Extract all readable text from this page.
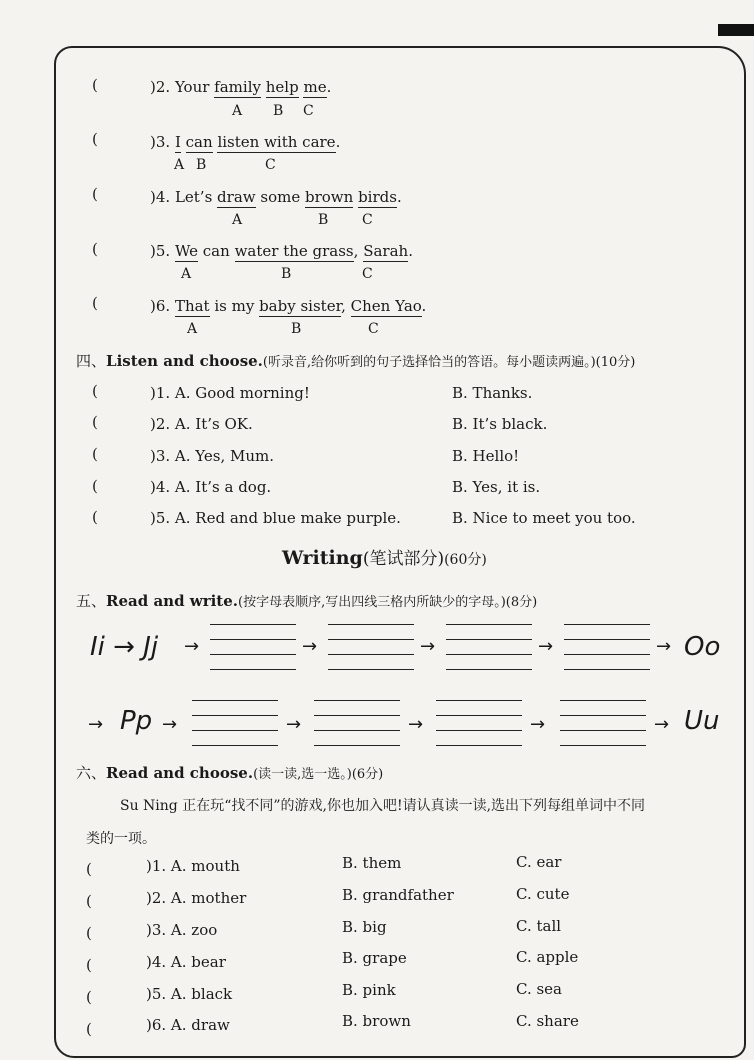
(	)2. Your family help me.
A B C
(	)3. I can listen with care.
A B	C
(	)4. Let’s draw some brown birds.
A	B C
(	)5. We can water the grass, Sarah.
A	B	C
(	)6. That is my baby sister, Chen Yao.
A	B	C
四、Listen and choose.(听录音,给你听到的句子选择恰当的答语。每小题读两遍。)(10分)
(	)1. A. Good morning!	B. Thanks.
(	)2. A. It’s OK.	B. It’s black.
(	)3. A. Yes, Mum.	B. Hello!
(	)4. A. It’s a dog.	B. Yes, it is.
(	)5. A. Red and blue make purple.	B. Nice to meet you too.
Writing(笔试部分)(60分)
五、Read and write.(按字母表顺序,写出四线三格内所缺少的字母。)(8分)
Ii → Jj →	→	→	→	→ Oo
→ Pp →	→	→	→	→ Uu
六、Read and choose.(读一读,选一选。)(6分)
Su Ning 正在玩“找不同”的游戏,你也加入吧!请认真读一读,选出下列每组单词中不同
类的一项。
(	)1. A. mouth	B. them	C. ear
(	)2. A. mother	B. grandfather	C. cute
(	)3. A. zoo	B. big	C. tall
(	)4. A. bear	B. grape	C. apple
(	)5. A. black	B. pink	C. sea
(	)6. A. draw	B. brown	C. share
